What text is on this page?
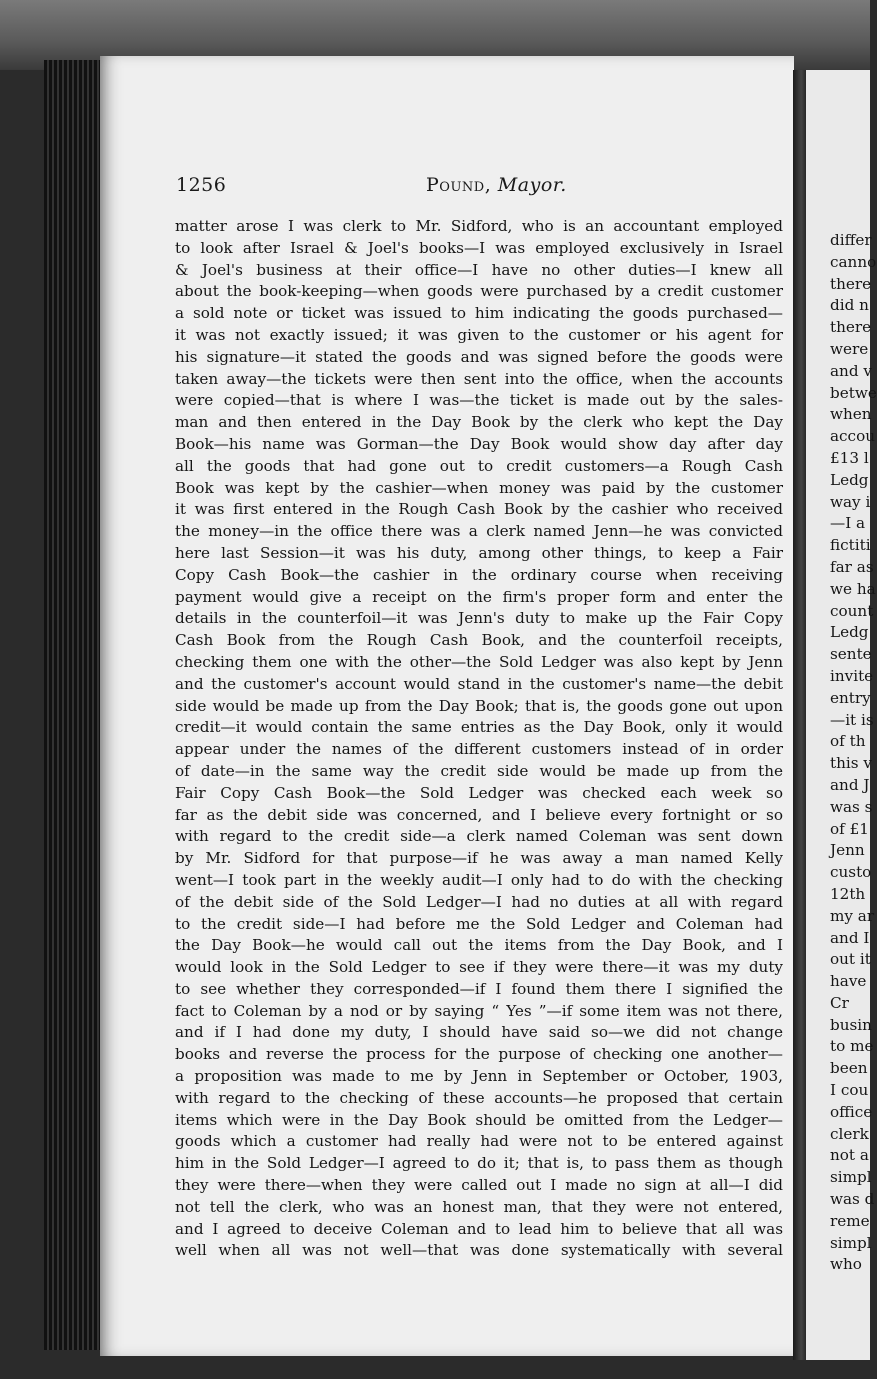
1256	Pound, Mayor.
matter arose I was clerk to Mr. Sidford, who is an accountant employed
to look after Israel & Joel's books—I was employed exclusively in Israel
& Joel's business at their office—I have no other duties—I knew all
about the book-keeping—when goods were purchased by a credit customer
a sold note or ticket was issued to him indicating the goods purchased—
it was not exactly issued; it was given to the customer or his agent for
his signature—it stated the goods and was signed before the goods were
taken away—the tickets were then sent into the office, when the accounts
were copied—that is where I was—the ticket is made out by the sales-
man and then entered in the Day Book by the clerk who kept the Day
Book—his name was Gorman—the Day Book would show day after day
all the goods that had gone out to credit customers—a Rough Cash
Book was kept by the cashier—when money was paid by the customer
it was first entered in the Rough Cash Book by the cashier who received
the money—in the office there was a clerk named Jenn—he was convicted
here last Session—it was his duty, among other things, to keep a Fair
Copy Cash Book—the cashier in the ordinary course when receiving
payment would give a receipt on the firm's proper form and enter the
details in the counterfoil—it was Jenn's duty to make up the Fair Copy
Cash Book from the Rough Cash Book, and the counterfoil receipts,
checking them one with the other—the Sold Ledger was also kept by Jenn
and the customer's account would stand in the customer's name—the debit
side would be made up from the Day Book; that is, the goods gone out upon
credit—it would contain the same entries as the Day Book, only it would
appear under the names of the different customers instead of in order
of date—in the same way the credit side would be made up from the
Fair Copy Cash Book—the Sold Ledger was checked each week so
far as the debit side was concerned, and I believe every fortnight or so
with regard to the credit side—a clerk named Coleman was sent down
by Mr. Sidford for that purpose—if he was away a man named Kelly
went—I took part in the weekly audit—I only had to do with the checking
of the debit side of the Sold Ledger—I had no duties at all with regard
to the credit side—I had before me the Sold Ledger and Coleman had
the Day Book—he would call out the items from the Day Book, and I
would look in the Sold Ledger to see if they were there—it was my duty
to see whether they corresponded—if I found them there I signified the
fact to Coleman by a nod or by saying “ Yes ”—if some item was not there,
and if I had done my duty, I should have said so—we did not change
books and reverse the process for the purpose of checking one another—
a proposition was made to me by Jenn in September or October, 1903,
with regard to the checking of these accounts—he proposed that certain
items which were in the Day Book should be omitted from the Ledger—
goods which a customer had really had were not to be entered against
him in the Sold Ledger—I agreed to do it; that is, to pass them as though
they were there—when they were called out I made no sign at all—I did
not tell the clerk, who was an honest man, that they were not entered,
and I agreed to deceive Coleman and to lead him to believe that all was
well when all was not well—that was done systematically with several
differ
canno
there
did n
there
were
and v
betwe
when
accou
£13 l
Ledg
way i
—I a
fictiti
far as
we ha
count
Ledg
sente
invite
entry
—it is
of th
this v
and J
was s
of £1
Jenn
custo
12th
my ar
and I
out it
have
Cr
busin
to me
been
I cou
office
clerk
not a
simpl
was d
reme
simpl
who
